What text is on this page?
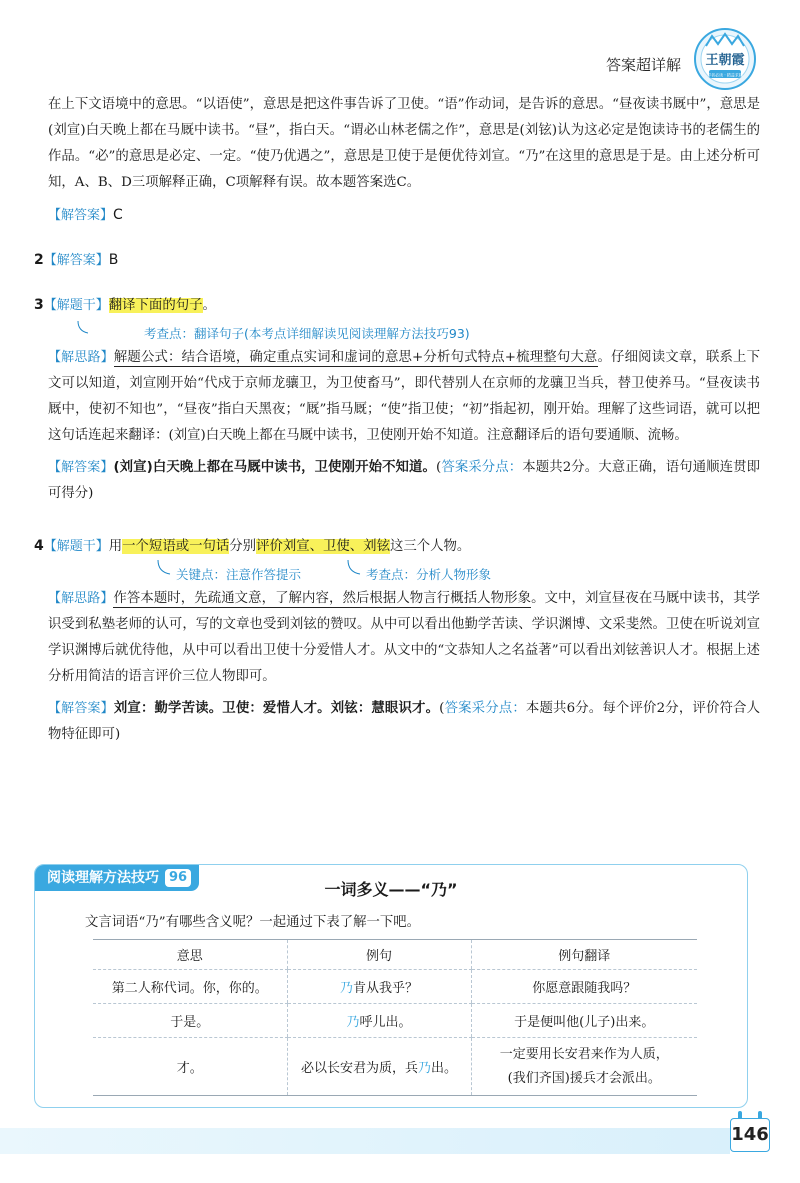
答案超详解 王朝霞
学者必读 · 精益求精

在上下文语境中的意思。“以语使”，意思是把这件事告诉了卫使。“语”作动词，是告诉的意思。“昼夜读书厩中”，意思是(刘宣)白天晚上都在马厩中读书。“昼”，指白天。“谓必山林老儒之作”，意思是(刘铉)认为这必定是饱读诗书的老儒生的作品。“必”的意思是必定、一定。“使乃优遇之”，意思是卫使于是便优待刘宣。“乃”在这里的意思是于是。由上述分析可知，A、B、D三项解释正确，C项解释有误。故本题答案选C。

【解答案】C

2【解答案】B

3【解题干】翻译下面的句子。

考查点：翻译句子(本考点详细解读见阅读理解方法技巧93)

【解思路】解题公式：结合语境，确定重点实词和虚词的意思+分析句式特点+梳理整句大意。仔细阅读文章，联系上下文可以知道，刘宣刚开始“代戍于京师龙骧卫，为卫使畜马”，即代替别人在京师的龙骧卫当兵，替卫使养马。“昼夜读书厩中，使初不知也”，“昼夜”指白天黑夜；“厩”指马厩；“使”指卫使；“初”指起初，刚开始。理解了这些词语，就可以把这句话连起来翻译：(刘宣)白天晚上都在马厩中读书，卫使刚开始不知道。注意翻译后的语句要通顺、流畅。

【解答案】(刘宣)白天晚上都在马厩中读书，卫使刚开始不知道。(答案采分点：本题共2分。大意正确，语句通顺连贯即可得分)

4【解题干】用一个短语或一句话分别评价刘宣、卫使、刘铉这三个人物。

关键点：注意作答提示	考查点：分析人物形象

【解思路】作答本题时，先疏通文意，了解内容，然后根据人物言行概括人物形象。文中，刘宣昼夜在马厩中读书，其学识受到私塾老师的认可，写的文章也受到刘铉的赞叹。从中可以看出他勤学苦读、学识渊博、文采斐然。卫使在听说刘宣学识渊博后就优待他，从中可以看出卫使十分爱惜人才。从文中的“文恭知人之名益著”可以看出刘铉善识人才。根据上述分析用简洁的语言评价三位人物即可。

【解答案】刘宣：勤学苦读。卫使：爱惜人才。刘铉：慧眼识才。(答案采分点：本题共6分。每个评价2分，评价符合人物特征即可)

阅读理解方法技巧 96
一词多义——“乃”
文言词语“乃”有哪些含义呢？一起通过下表了解一下吧。
意思	例句	例句翻译
第二人称代词。你，你的。	乃肯从我乎？	你愿意跟随我吗？
于是。	乃呼儿出。	于是便叫他(儿子)出来。
才。	必以长安君为质，兵乃出。	一定要用长安君来作为人质，(我们齐国)援兵才会派出。
146
